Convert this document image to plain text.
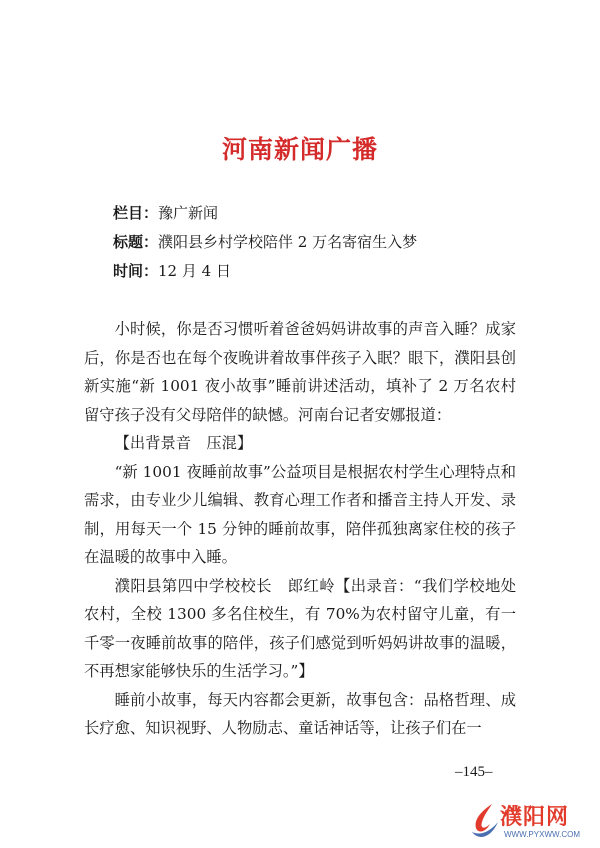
河南新闻广播
栏目：豫广新闻
标题：濮阳县乡村学校陪伴 2 万名寄宿生入梦
时间：12 月 4 日

小时候，你是否习惯听着爸爸妈妈讲故事的声音入睡？成家后，你是否也在每个夜晚讲着故事伴孩子入眠？眼下，濮阳县创新实施“新 1001 夜小故事”睡前讲述活动，填补了 2 万名农村留守孩子没有父母陪伴的缺憾。河南台记者安娜报道：

【出背景音　压混】

“新 1001 夜睡前故事”公益项目是根据农村学生心理特点和需求，由专业少儿编辑、教育心理工作者和播音主持人开发、录制，用每天一个 15 分钟的睡前故事，陪伴孤独离家住校的孩子在温暖的故事中入睡。

濮阳县第四中学校校长　郎红岭【出录音：“我们学校地处农村，全校 1300 多名住校生，有 70%为农村留守儿童，有一千零一夜睡前故事的陪伴，孩子们感觉到听妈妈讲故事的温暖，不再想家能够快乐的生活学习。”】

睡前小故事，每天内容都会更新，故事包含：品格哲理、成长疗愈、知识视野、人物励志、童话神话等，让孩子们在一

–145–
濮阳网
WWW.PYXWW.COM
